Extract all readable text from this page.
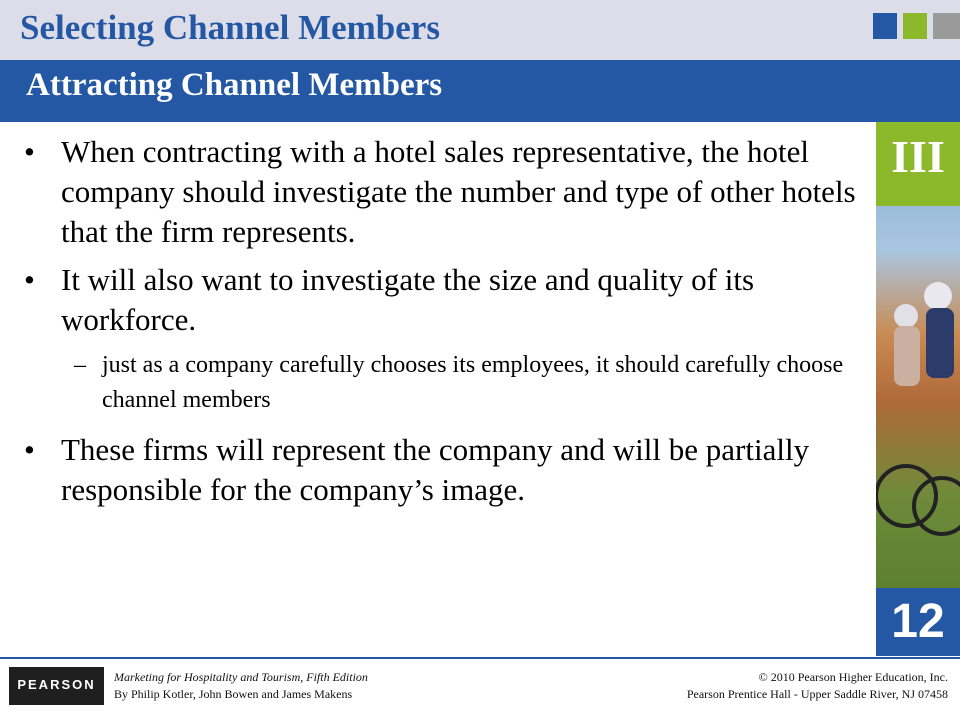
Selecting Channel Members
Attracting Channel Members
III
12
• When contracting with a hotel sales representative, the hotel company should investigate the number and type of other hotels that the firm represents.
• It will also want to investigate the size and quality of its workforce.
– just as a company carefully chooses its employees, it should carefully choose channel members
• These firms will represent the company and will be partially responsible for the company’s image.
PEARSON	Marketing for Hospitality and Tourism, Fifth Edition
By Philip Kotler, John Bowen and James Makens
© 2010 Pearson Higher Education, Inc.
Pearson Prentice Hall - Upper Saddle River, NJ 07458
